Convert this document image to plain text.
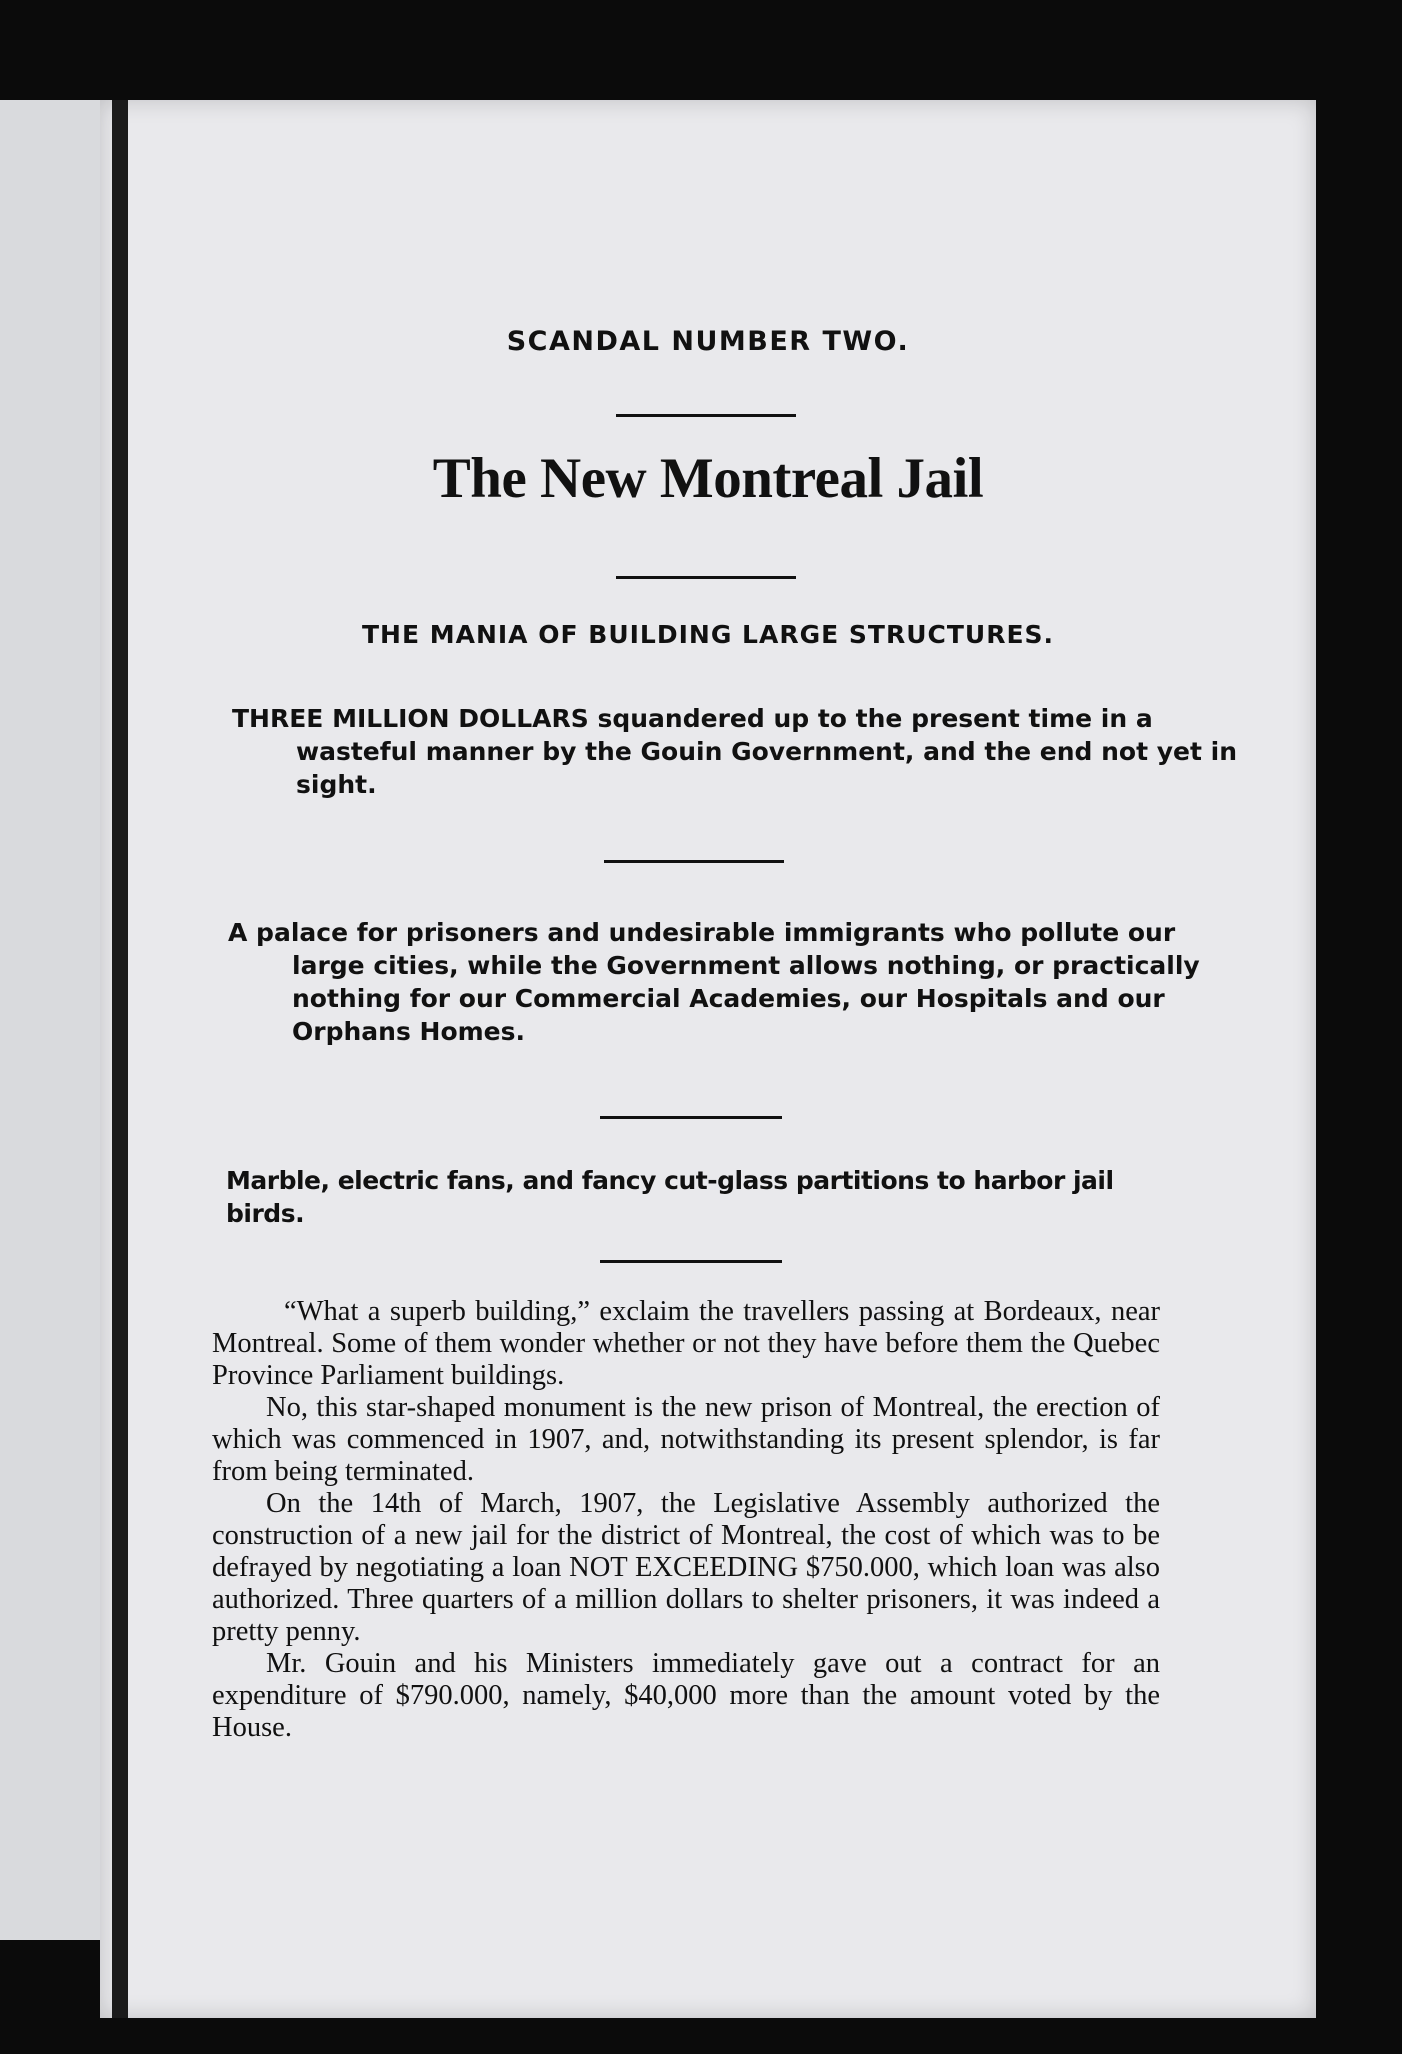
SCANDAL NUMBER TWO.
The New Montreal Jail
THE MANIA OF BUILDING LARGE STRUCTURES.
THREE MILLION DOLLARS squandered up to the present time in a wasteful manner by the Gouin Government, and the end not yet in sight.
A palace for prisoners and undesirable immigrants who pollute our large cities, while the Government allows nothing, or practically nothing for our Commercial Academies, our Hospitals and our Orphans Homes.
Marble, electric fans, and fancy cut-glass partitions to harbor jail birds.

“What a superb building,” exclaim the travellers passing at Bordeaux, near Montreal. Some of them wonder whether or not they have before them the Quebec Province Parliament buildings.

No, this star-shaped monument is the new prison of Montreal, the erection of which was commenced in 1907, and, notwithstanding its present splendor, is far from being terminated.

On the 14th of March, 1907, the Legislative Assembly authorized the construction of a new jail for the district of Montreal, the cost of which was to be defrayed by negotiating a loan NOT EXCEEDING $750.000, which loan was also authorized. Three quarters of a million dollars to shelter prisoners, it was indeed a pretty penny.

Mr. Gouin and his Ministers immediately gave out a contract for an expenditure of $790.000, namely, $40,000 more than the amount voted by the House.
